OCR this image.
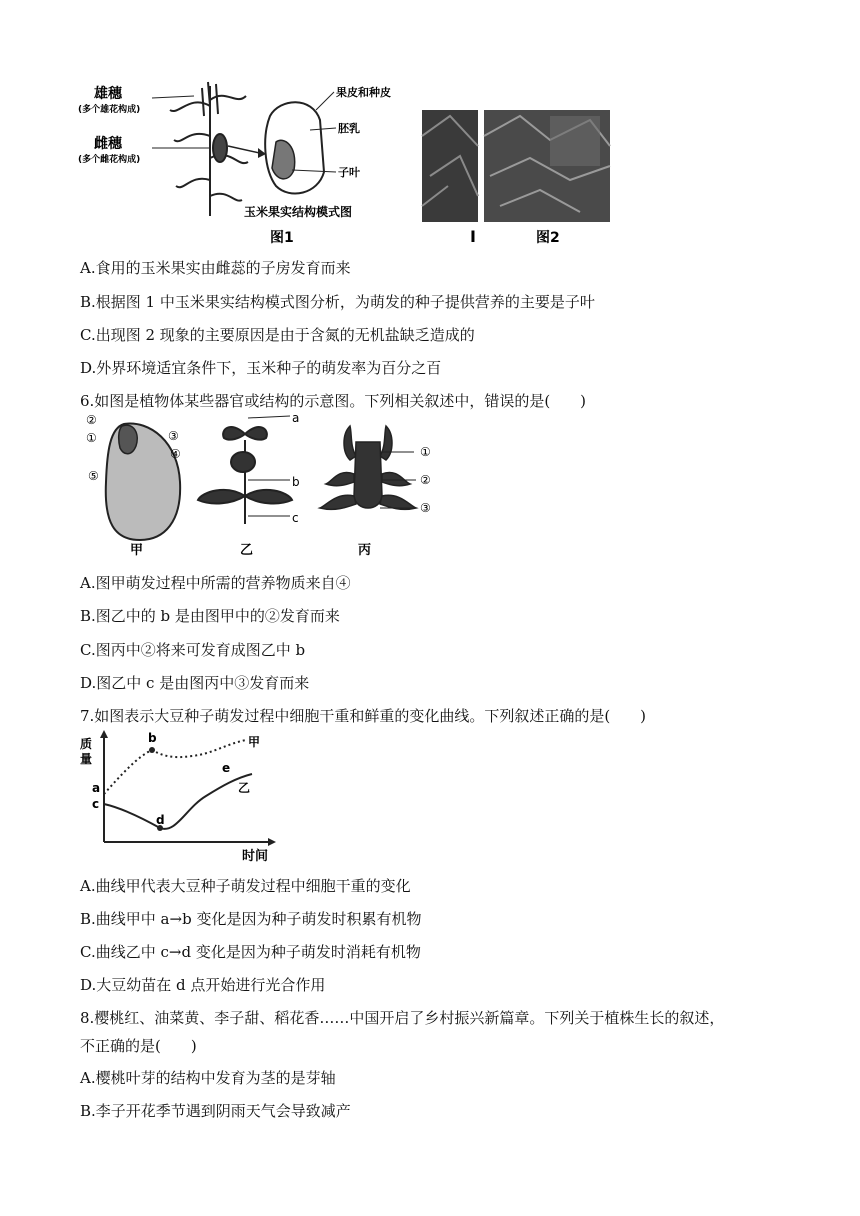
雄穗
(多个雄花构成)
雌穗
(多个雌花构成)
果皮和种皮
胚乳
子叶
玉米果实结构模式图
图1	I	图2
A.食用的玉米果实由雌蕊的子房发育而来
B.根据图 1 中玉米果实结构模式图分析，为萌发的种子提供营养的主要是子叶
C.出现图 2 现象的主要原因是由于含氮的无机盐缺乏造成的
D.外界环境适宜条件下，玉米种子的萌发率为百分之百
6.如图是植物体某些器官或结构的示意图。下列相关叙述中，错误的是(　　)
②
①	③
④
⑤
甲
a
b
c
乙
①
②
③
丙
A.图甲萌发过程中所需的营养物质来自④
B.图乙中的 b 是由图甲中的②发育而来
C.图丙中②将来可发育成图乙中 b
D.图乙中 c 是由图丙中③发育而来
7.如图表示大豆种子萌发过程中细胞干重和鲜重的变化曲线。下列叙述正确的是(　　)
质量
时间
a
b
c
d
e
甲
乙
A.曲线甲代表大豆种子萌发过程中细胞干重的变化
B.曲线甲中 a→b 变化是因为种子萌发时积累有机物
C.曲线乙中 c→d 变化是因为种子萌发时消耗有机物
D.大豆幼苗在 d 点开始进行光合作用
8.樱桃红、油菜黄、李子甜、稻花香……中国开启了乡村振兴新篇章。下列关于植株生长的叙述，
不正确的是(　　)
A.樱桃叶芽的结构中发育为茎的是芽轴
B.李子开花季节遇到阴雨天气会导致减产
